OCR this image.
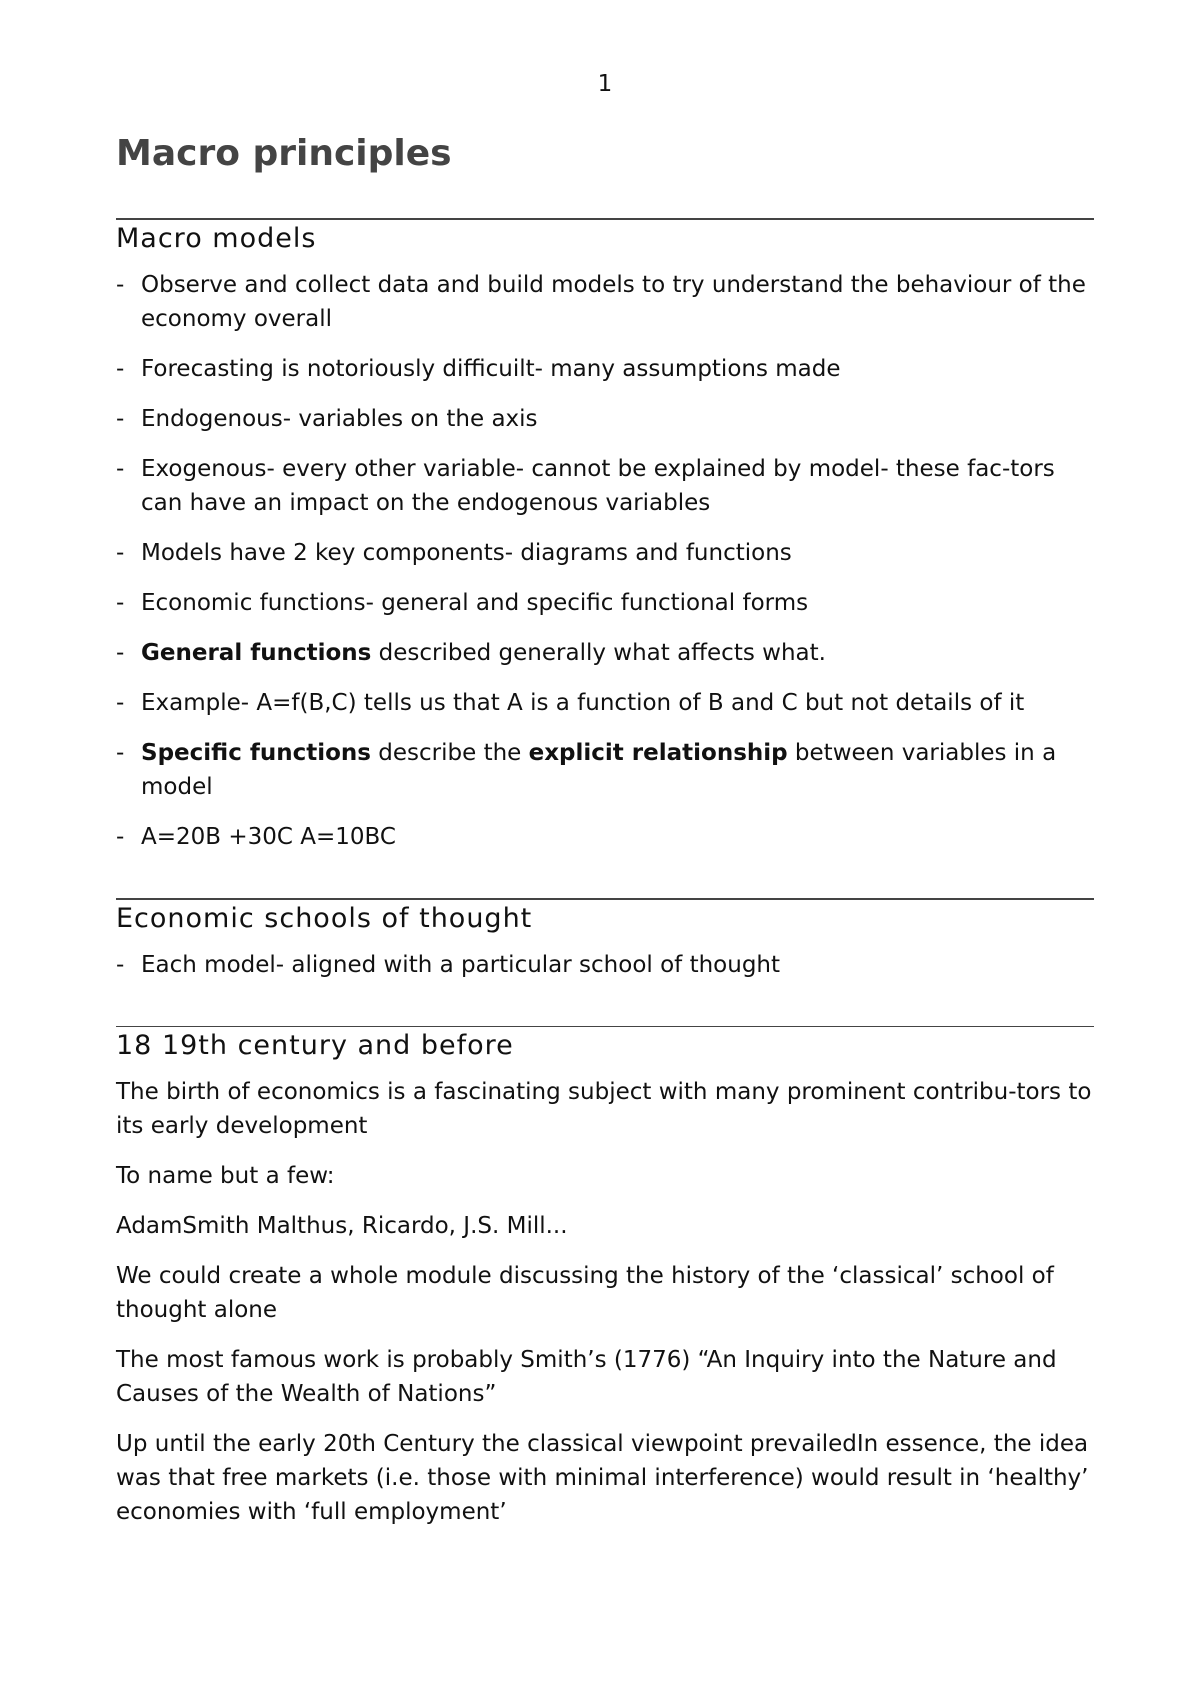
1
Macro principles
Macro models
- Observe and collect data and build models to try understand the behaviour of the economy overall
- Forecasting is notoriously difficuilt- many assumptions made
- Endogenous- variables on the axis
- Exogenous- every other variable- cannot be explained by model- these fac-tors can have an impact on the endogenous variables
- Models have 2 key components- diagrams and functions
- Economic functions- general and specific functional forms
- General functions described generally what affects what.
- Example- A=f(B,C) tells us that A is a function of B and C but not details of it
- Specific functions describe the explicit relationship between variables in a model
- A=20B +30C A=10BC
Economic schools of thought
- Each model- aligned with a particular school of thought
18 19th century and before

The birth of economics is a fascinating subject with many prominent contribu-tors to its early development

To name but a few:

AdamSmith Malthus, Ricardo, J.S. Mill...

We could create a whole module discussing the history of the ‘classical’ school of thought alone

The most famous work is probably Smith’s (1776) “An Inquiry into the Nature and Causes of the Wealth of Nations”

Up until the early 20th Century the classical viewpoint prevailedIn essence, the idea was that free markets (i.e. those with minimal interference) would result in ‘healthy’ economies with ‘full employment’
